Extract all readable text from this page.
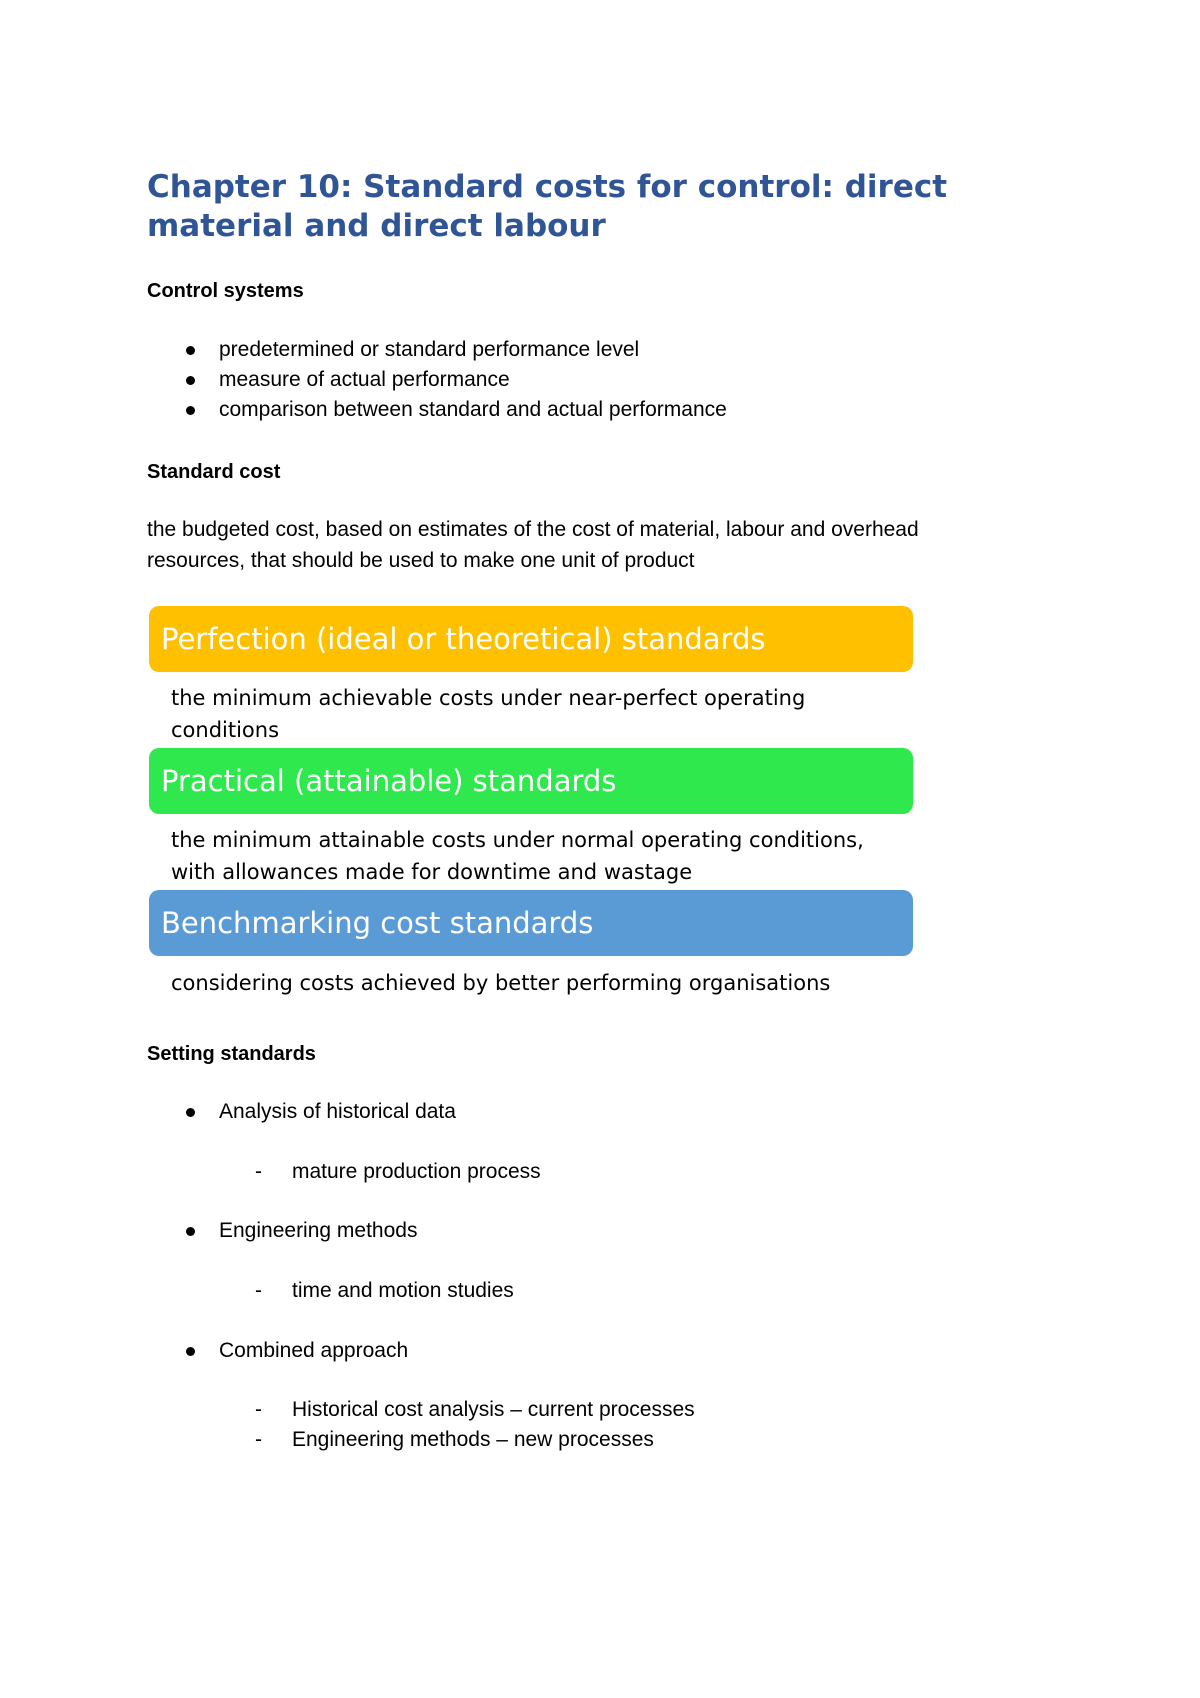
Chapter 10: Standard costs for control: direct material and direct labour
Control systems
predetermined or standard performance level
measure of actual performance
comparison between standard and actual performance
Standard cost

the budgeted cost, based on estimates of the cost of material, labour and overhead resources, that should be used to make one unit of product

Perfection (ideal or theoretical) standards

the minimum achievable costs under near-perfect operating conditions

Practical (attainable) standards

the minimum attainable costs under normal operating conditions, with allowances made for downtime and wastage

Benchmarking cost standards

considering costs achieved by better performing organisations

Setting standards
Analysis of historical data
- mature production process
Engineering methods
- time and motion studies
Combined approach
- Historical cost analysis – current processes
- Engineering methods – new processes
